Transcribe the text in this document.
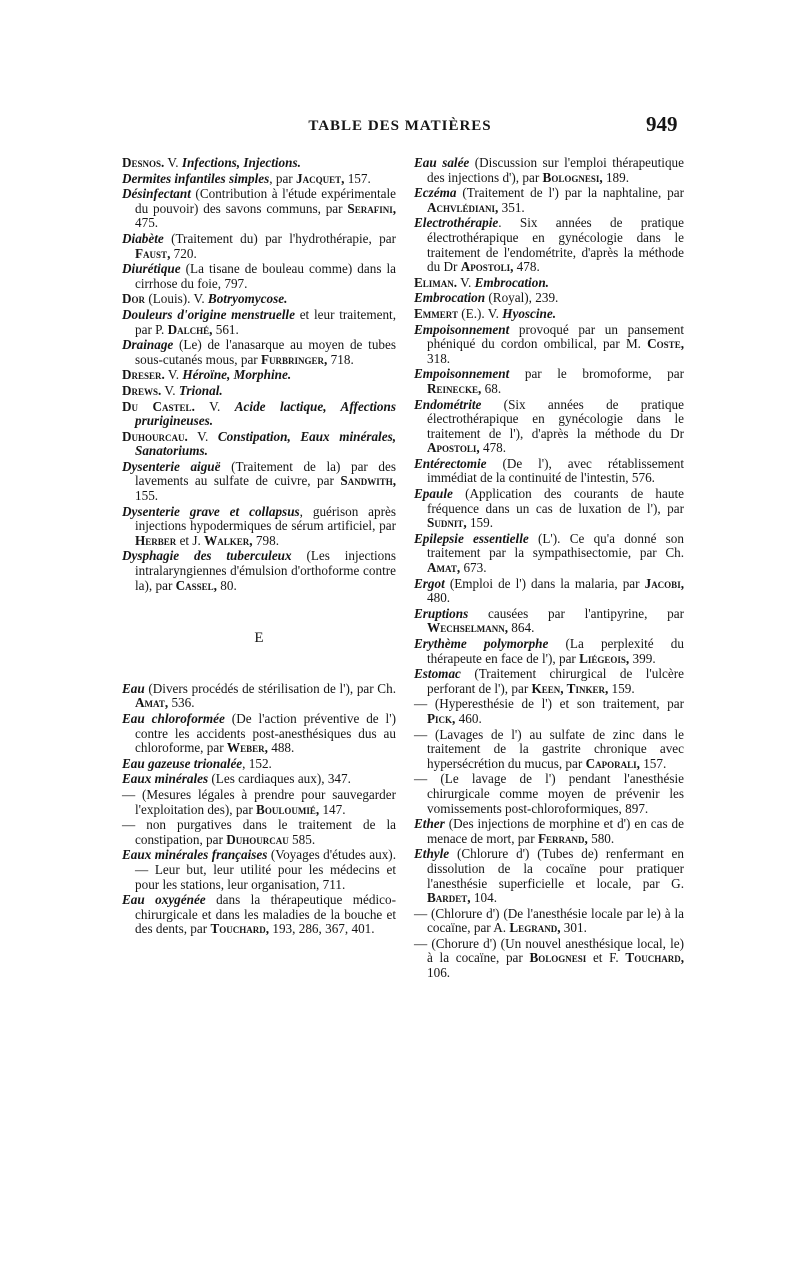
TABLE DES MATIÈRES	949

Desnos. V. Infections, Injections.

Dermites infantiles simples, par Jacquet, 157.

Désinfectant (Contribution à l'étude expérimentale du pouvoir) des savons communs, par Serafini, 475.

Diabète (Traitement du) par l'hydrothérapie, par Faust, 720.

Diurétique (La tisane de bouleau comme) dans la cirrhose du foie, 797.

Dor (Louis). V. Botryomycose.

Douleurs d'origine menstruelle et leur traitement, par P. Dalché, 561.

Drainage (Le) de l'anasarque au moyen de tubes sous-cutanés mous, par Furbringer, 718.

Dreser. V. Héroïne, Morphine.

Drews. V. Trional.

Du Castel. V. Acide lactique, Affections prurigineuses.

Duhourcau. V. Constipation, Eaux minérales, Sanatoriums.

Dysenterie aiguë (Traitement de la) par des lavements au sulfate de cuivre, par Sandwith, 155.

Dysenterie grave et collapsus, guérison après injections hypodermiques de sérum artificiel, par Herber et J. Walker, 798.

Dysphagie des tuberculeux (Les injections intralaryngiennes d'émulsion d'orthoforme contre la), par Cassel, 80.

E

Eau (Divers procédés de stérilisation de l'), par Ch. Amat, 536.

Eau chloroformée (De l'action préventive de l') contre les accidents post-anesthésiques dus au chloroforme, par Weber, 488.

Eau gazeuse trionalée, 152.

Eaux minérales (Les cardiaques aux), 347.

— (Mesures légales à prendre pour sauvegarder l'exploitation des), par Bouloumié, 147.

— non purgatives dans le traitement de la constipation, par Duhourcau 585.

Eaux minérales françaises (Voyages d'études aux). — Leur but, leur utilité pour les médecins et pour les stations, leur organisation, 711.

Eau oxygénée dans la thérapeutique médico-chirurgicale et dans les maladies de la bouche et des dents, par Touchard, 193, 286, 367, 401.

Eau salée (Discussion sur l'emploi thérapeutique des injections d'), par Bolognesi, 189.

Eczéma (Traitement de l') par la naphtaline, par Achvlédiani, 351.

Electrothérapie. Six années de pratique électrothérapique en gynécologie dans le traitement de l'endométrite, d'après la méthode du Dr Apostoli, 478.

Eliman. V. Embrocation.

Embrocation (Royal), 239.

Emmert (E.). V. Hyoscine.

Empoisonnement provoqué par un pansement phéniqué du cordon ombilical, par M. Coste, 318.

Empoisonnement par le bromoforme, par Reinecke, 68.

Endométrite (Six années de pratique électrothérapique en gynécologie dans le traitement de l'), d'après la méthode du Dr Apostoli, 478.

Entérectomie (De l'), avec rétablissement immédiat de la continuité de l'intestin, 576.

Epaule (Application des courants de haute fréquence dans un cas de luxation de l'), par Sudnit, 159.

Epilepsie essentielle (L'). Ce qu'a donné son traitement par la sympathisectomie, par Ch. Amat, 673.

Ergot (Emploi de l') dans la malaria, par Jacobi, 480.

Eruptions causées par l'antipyrine, par Wechselmann, 864.

Erythème polymorphe (La perplexité du thérapeute en face de l'), par Liégeois, 399.

Estomac (Traitement chirurgical de l'ulcère perforant de l'), par Keen, Tinker, 159.

— (Hyperesthésie de l') et son traitement, par Pick, 460.

— (Lavages de l') au sulfate de zinc dans le traitement de la gastrite chronique avec hypersécrétion du mucus, par Caporali, 157.

— (Le lavage de l') pendant l'anesthésie chirurgicale comme moyen de prévenir les vomissements post-chloroformiques, 897.

Ether (Des injections de morphine et d') en cas de menace de mort, par Ferrand, 580.

Ethyle (Chlorure d') (Tubes de) renfermant en dissolution de la cocaïne pour pratiquer l'anesthésie superficielle et locale, par G. Bardet, 104.

— (Chlorure d') (De l'anesthésie locale par le) à la cocaïne, par A. Legrand, 301.

— (Chorure d') (Un nouvel anesthésique local, le) à la cocaïne, par Bolognesi et F. Touchard, 106.
